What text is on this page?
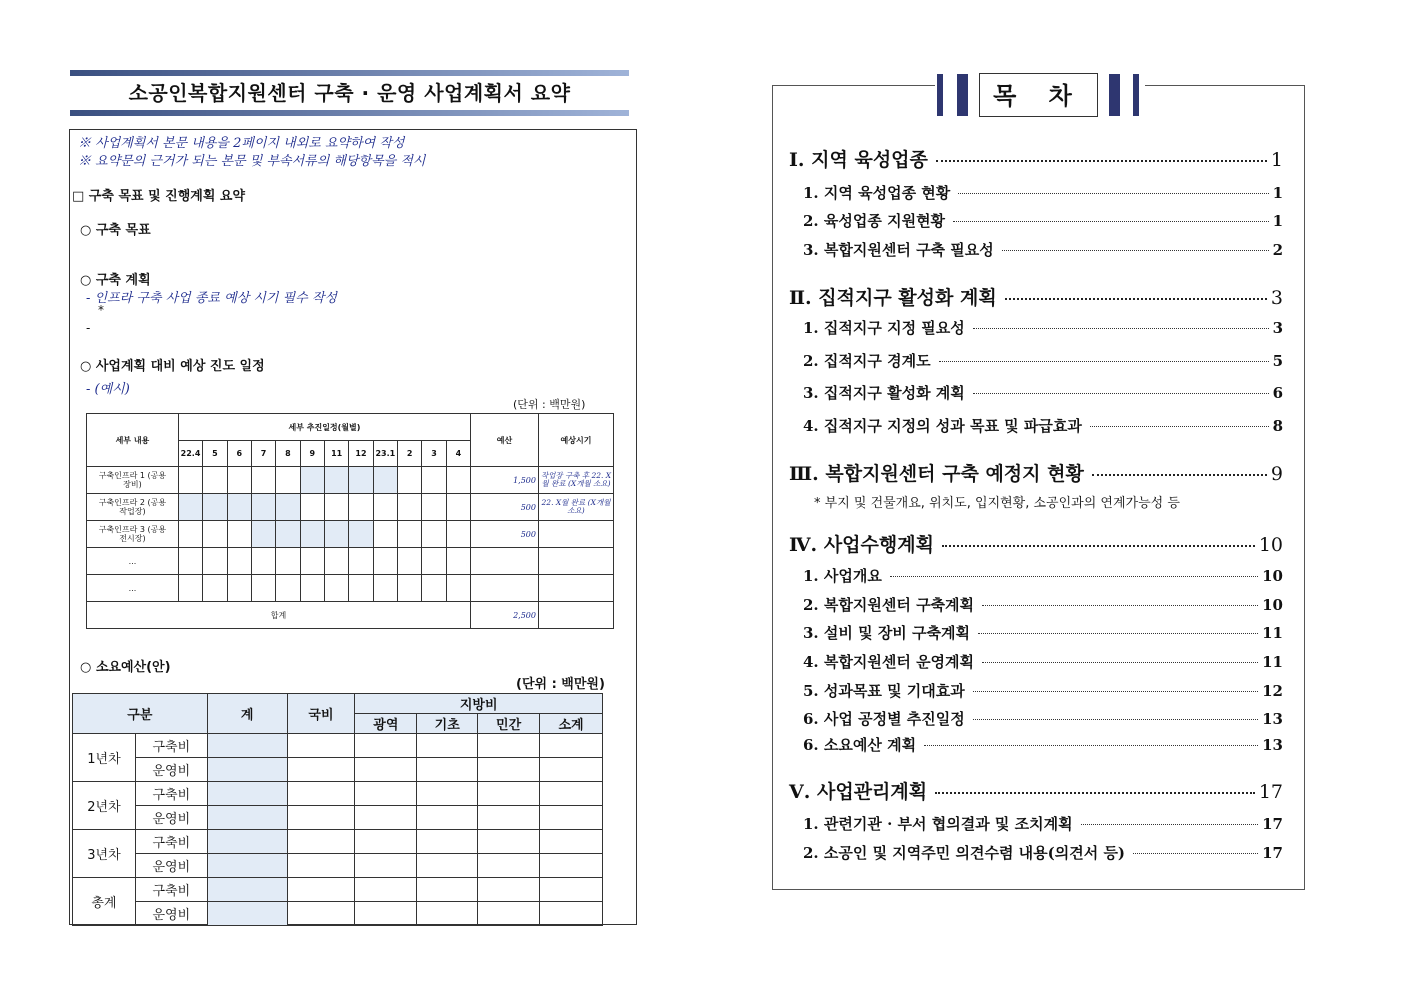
소공인복합지원센터 구축 · 운영 사업계획서 요약
※ 사업계획서 본문 내용을 2페이지 내외로 요약하여 작성
※ 요약문의 근거가 되는 본문 및 부속서류의 해당항목을 적시
□ 구축 목표 및 진행계획 요약
○ 구축 목표
○ 구축 계획
- 인프라 구축 사업 종료 예상 시기 필수 작성
*
-
○ 사업계획 대비 예상 진도 일정
- (예시)
(단위 : 백만원)
세부 내용	세부 추진일정(월별)												예산	예상시기
	22.4	5	6	7	8	9	11	12	23.1	2	3	4		
구축인프라 1 (공용장비)													1,500	작업장 구축 후 22. X월 완료 (X개월 소요)
구축인프라 2 (공용작업장)													500	22. X월 완료 (X개월 소요)
구축인프라 3 (공용전시장)													500	
...														
...														
합계													2,500	
○ 소요예산(안)
(단위 : 백만원)
구분		계	국비	지방비			
				광역	기초	민간	소계
1년차	구축비						
	운영비						
2년차	구축비						
	운영비						
3년차	구축비						
	운영비						
총계	구축비						
	운영비						
목 차
Ⅰ. 지역 육성업종	1
1. 지역 육성업종 현황	1
2. 육성업종 지원현황	1
3. 복합지원센터 구축 필요성	2
Ⅱ. 집적지구 활성화 계획	3
1. 집적지구 지정 필요성	3
2. 집적지구 경계도	5
3. 집적지구 활성화 계획	6
4. 집적지구 지정의 성과 목표 및 파급효과	8
Ⅲ. 복합지원센터 구축 예정지 현황	9
* 부지 및 건물개요, 위치도, 입지현황, 소공인과의 연계가능성 등
Ⅳ. 사업수행계획	10
1. 사업개요	10
2. 복합지원센터 구축계획	10
3. 설비 및 장비 구축계획	11
4. 복합지원센터 운영계획	11
5. 성과목표 및 기대효과	12
6. 사업 공정별 추진일정	13
6. 소요예산 계획	13
Ⅴ. 사업관리계획	17
1. 관련기관 · 부서 협의결과 및 조치계획	17
2. 소공인 및 지역주민 의견수렴 내용(의견서 등)	17
